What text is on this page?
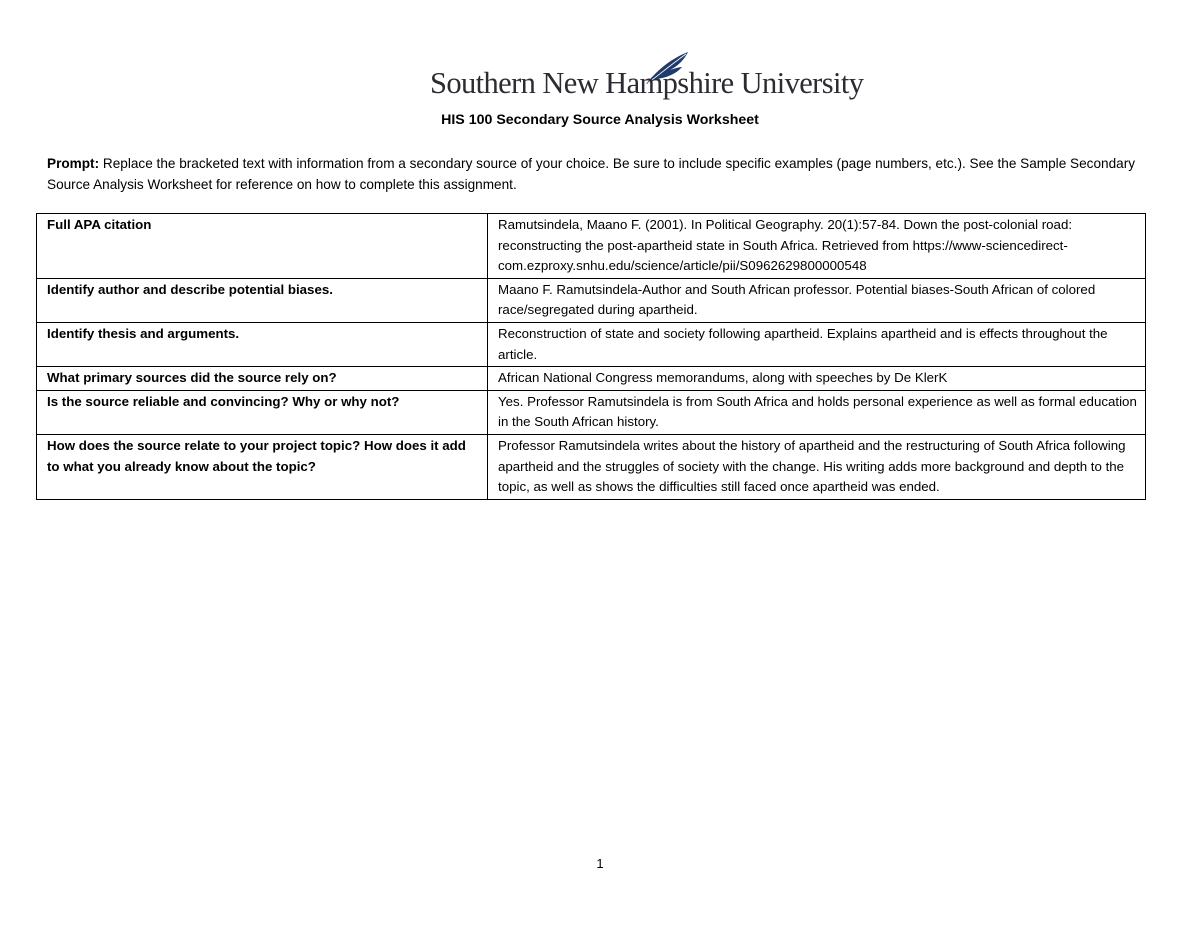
Southern New Hampshire University
HIS 100 Secondary Source Analysis Worksheet
Prompt: Replace the bracketed text with information from a secondary source of your choice. Be sure to include specific examples (page numbers, etc.). See the Sample Secondary Source Analysis Worksheet for reference on how to complete this assignment.
Full APA citation	Ramutsindela, Maano F. (2001). In Political Geography. 20(1):57-84. Down the post-colonial road: reconstructing the post-apartheid state in South Africa. Retrieved from https://www-sciencedirect-com.ezproxy.snhu.edu/science/article/pii/S0962629800000548
Identify author and describe potential biases.	Maano F. Ramutsindela-Author and South African professor. Potential biases-South African of colored race/segregated during apartheid.
Identify thesis and arguments.	Reconstruction of state and society following apartheid. Explains apartheid and is effects throughout the article.
What primary sources did the source rely on?	African National Congress memorandums, along with speeches by De KlerK
Is the source reliable and convincing? Why or why not?	Yes. Professor Ramutsindela is from South Africa and holds personal experience as well as formal education in the South African history.
How does the source relate to your project topic? How does it add to what you already know about the topic?	Professor Ramutsindela writes about the history of apartheid and the restructuring of South Africa following apartheid and the struggles of society with the change. His writing adds more background and depth to the topic, as well as shows the difficulties still faced once apartheid was ended.
1
